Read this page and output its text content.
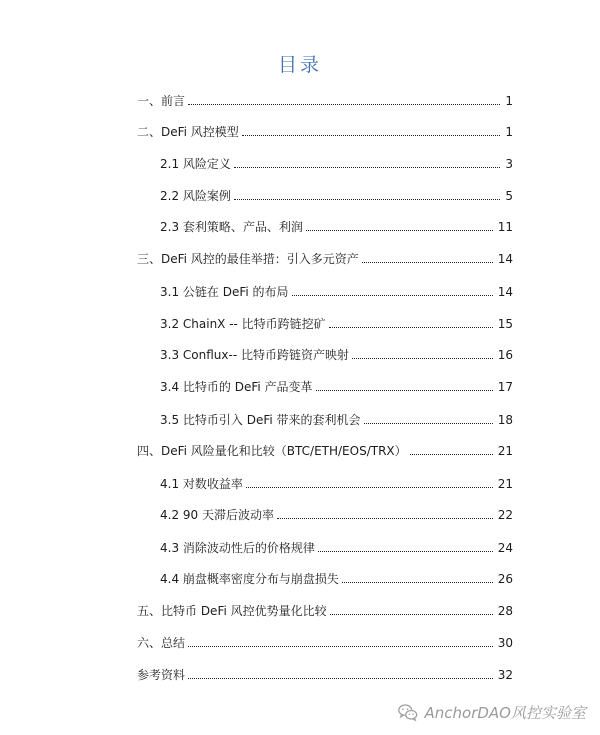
目录
一、前言	1
二、DeFi 风控模型	1
2.1 风险定义	3
2.2 风险案例	5
2.3 套利策略、产品、利润	11
三、DeFi 风控的最佳举措：引入多元资产	14
3.1 公链在 DeFi 的布局	14
3.2 ChainX -- 比特币跨链挖矿	15
3.3 Conflux-- 比特币跨链资产映射	16
3.4 比特币的 DeFi 产品变革	17
3.5 比特币引入 DeFi 带来的套利机会	18
四、DeFi 风险量化和比较（BTC/ETH/EOS/TRX）	21
4.1 对数收益率	21
4.2 90 天滞后波动率	22
4.3 消除波动性后的价格规律	24
4.4 崩盘概率密度分布与崩盘损失	26
五、比特币 DeFi 风控优势量化比较	28
六、总结	30
参考资料	32
AnchorDAO风控实验室
